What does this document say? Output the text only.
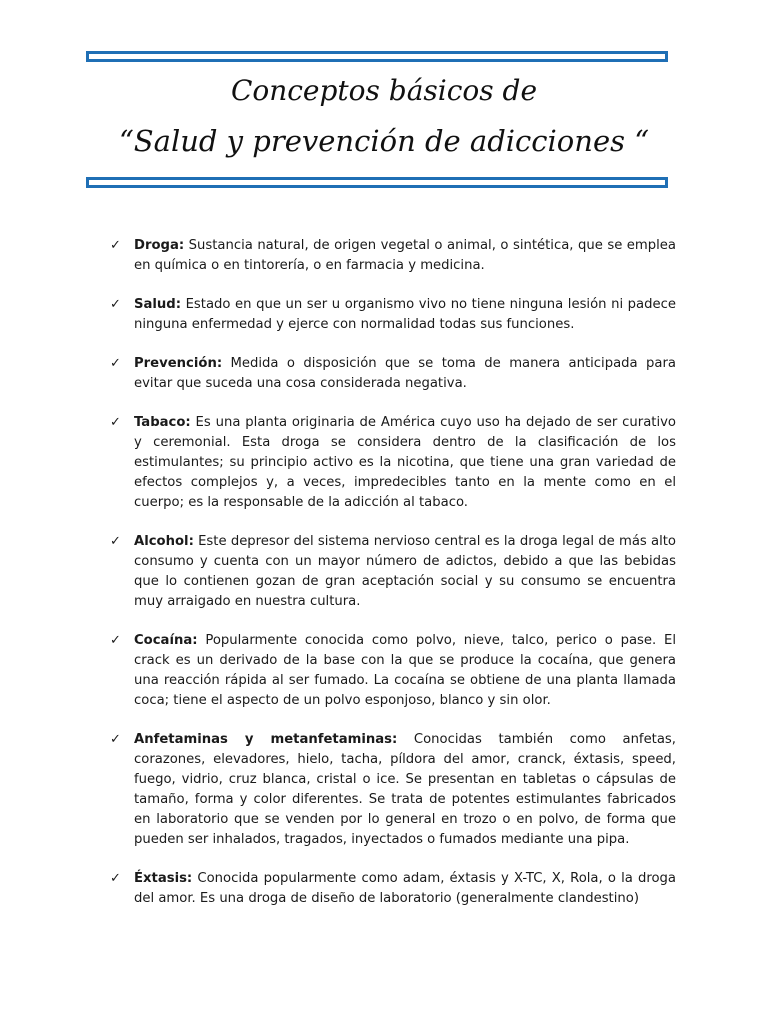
Conceptos básicos de
“Salud y prevención de adicciones “
✓ Droga: Sustancia natural, de origen vegetal o animal, o sintética, que se emplea en química o en tintorería, o en farmacia y medicina.
✓ Salud: Estado en que un ser u organismo vivo no tiene ninguna lesión ni padece ninguna enfermedad y ejerce con normalidad todas sus funciones.
✓ Prevención: Medida o disposición que se toma de manera anticipada para evitar que suceda una cosa considerada negativa.
✓ Tabaco: Es una planta originaria de América cuyo uso ha dejado de ser curativo y ceremonial. Esta droga se considera dentro de la clasificación de los estimulantes; su principio activo es la nicotina, que tiene una gran variedad de efectos complejos y, a veces, impredecibles tanto en la mente como en el cuerpo; es la responsable de la adicción al tabaco.
✓ Alcohol: Este depresor del sistema nervioso central es la droga legal de más alto consumo y cuenta con un mayor número de adictos, debido a que las bebidas que lo contienen gozan de gran aceptación social y su consumo se encuentra muy arraigado en nuestra cultura.
✓ Cocaína: Popularmente conocida como polvo, nieve, talco, perico o pase. El crack es un derivado de la base con la que se produce la cocaína, que genera una reacción rápida al ser fumado. La cocaína se obtiene de una planta llamada coca; tiene el aspecto de un polvo esponjoso, blanco y sin olor.
✓ Anfetaminas y metanfetaminas: Conocidas también como anfetas, corazones, elevadores, hielo, tacha, píldora del amor, cranck, éxtasis, speed, fuego, vidrio, cruz blanca, cristal o ice. Se presentan en tabletas o cápsulas de tamaño, forma y color diferentes. Se trata de potentes estimulantes fabricados en laboratorio que se venden por lo general en trozo o en polvo, de forma que pueden ser inhalados, tragados, inyectados o fumados mediante una pipa.
✓ Éxtasis: Conocida popularmente como adam, éxtasis y X-TC, X, Rola, o la droga del amor. Es una droga de diseño de laboratorio (generalmente clandestino)
